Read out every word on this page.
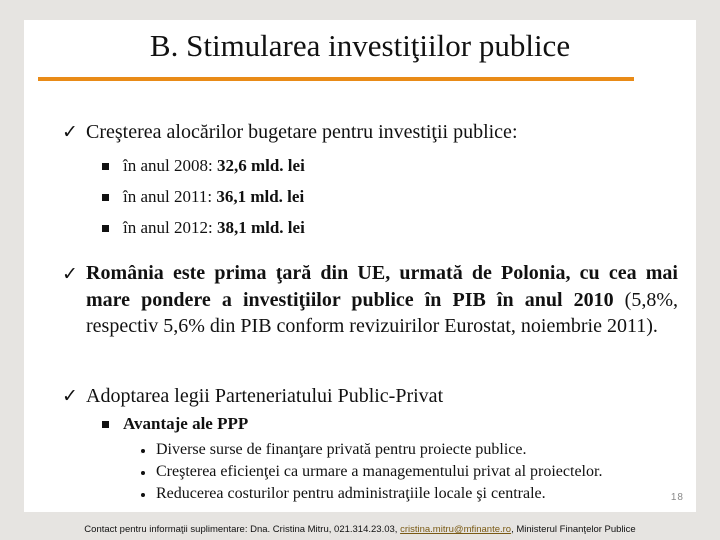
B. Stimularea investiţiilor publice
✓ Creşterea alocărilor bugetare pentru investiţii publice:
în anul 2008: 32,6 mld. lei
în anul 2011: 36,1 mld. lei
în anul 2012: 38,1 mld. lei
✓ România este prima ţară din UE, urmată de Polonia, cu cea mai mare pondere a investiţiilor publice în PIB în anul 2010 (5,8%, respectiv 5,6% din PIB conform revizuirilor Eurostat, noiembrie 2011).
✓ Adoptarea legii Parteneriatului Public-Privat
Avantaje ale PPP
Diverse surse de finanţare privată pentru proiecte publice.
Creşterea eficienţei ca urmare a managementului privat al proiectelor.
Reducerea costurilor pentru administraţiile locale şi centrale.	18
Contact pentru informaţii suplimentare: Dna. Cristina Mitru, 021.314.23.03, cristina.mitru@mfinante.ro, Ministerul Finanţelor Publice
